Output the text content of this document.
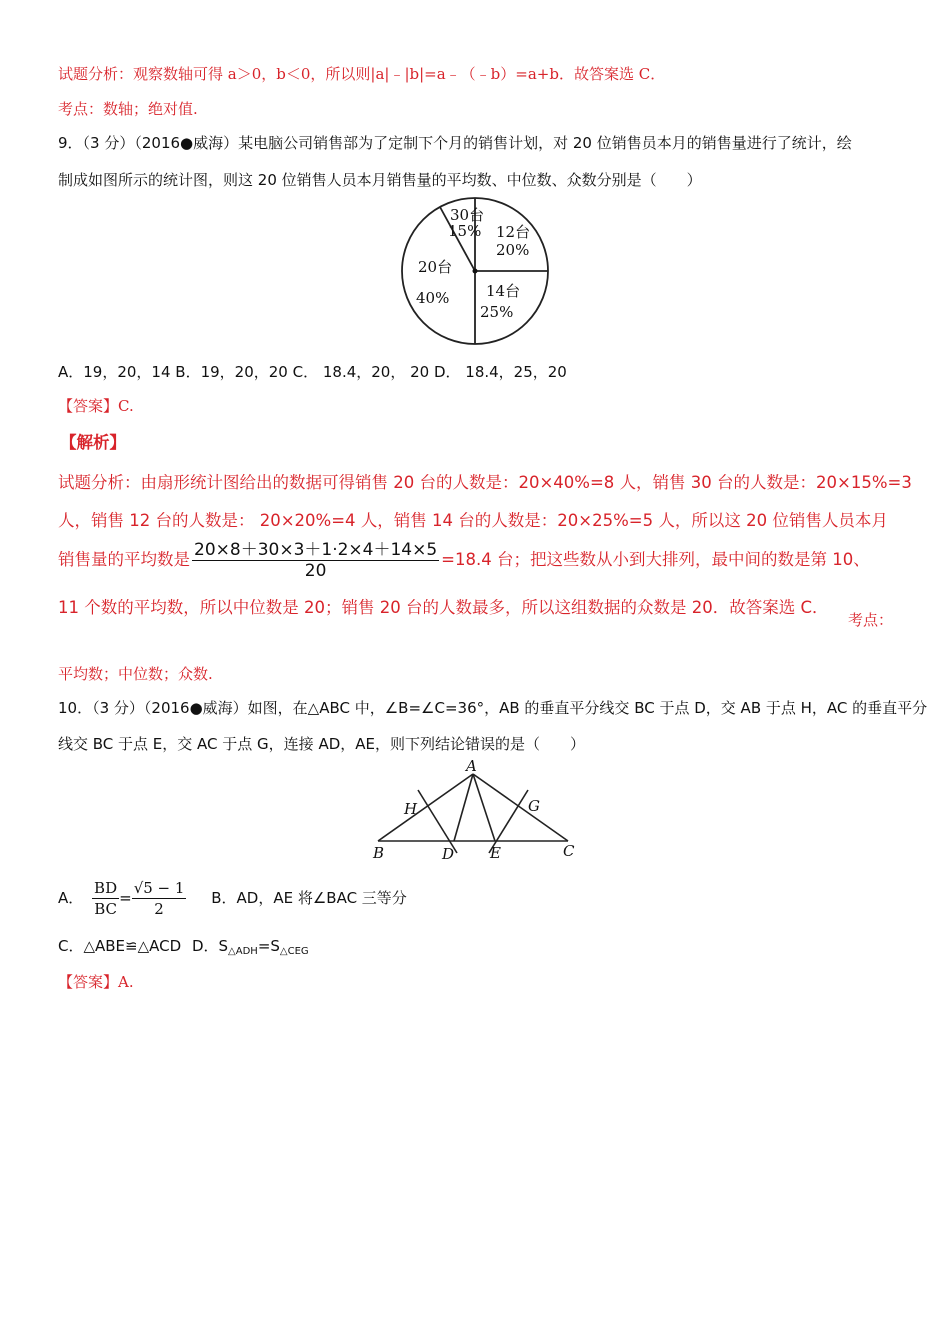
试题分析：观察数轴可得 a＞0，b＜0，所以则|a|﹣|b|=a﹣（﹣b）=a+b．故答案选 C．
考点：数轴；绝对值.
9．（3 分）（2016●威海）某电脑公司销售部为了定制下个月的销售计划，对 20 位销售员本月的销售量进行了统计，绘
制成如图所示的统计图，则这 20 位销售人员本月销售量的平均数、中位数、众数分别是（　　）
30台
15% 12台
20%
14台
25%
20台
40%
A．19，20，14 B．19，20，20 C． 18.4，20， 20 D． 18.4，25，20
【答案】C.
【解析】
试题分析：由扇形统计图给出的数据可得销售 20 台的人数是：20×40%=8 人，销售 30 台的人数是：20×15%=3
人，销售 12 台的人数是： 20×20%=4 人，销售 14 台的人数是：20×25%=5 人，所以这 20 位销售人员本月
销售量的平均数是 $\frac{20\times 8+30\times 3+1\cdot 2\times 4+14\times 5}{20} =18.4$ 台；把这些数从小到大排列，最中间的数是第 10、
11 个数的平均数，所以中位数是 20；销售 20 台的人数最多，所以这组数据的众数是 20．故答案选 C．
考点：
平均数；中位数；众数.
10．（3 分）（2016●威海）如图，在△ABC 中，∠B=∠C=36°，AB 的垂直平分线交 BC 于点 D，交 AB 于点 H，AC 的垂直平分
线交 BC 于点 E，交 AC 于点 G，连接 AD，AE，则下列结论错误的是（　　）
A
H	G
B	D E	C
A． $\frac{BD}{BC} = \frac{√5 - 1}{2}$ B．AD，AE 将∠BAC 三等分
C．△ABE≌△ACD D．$S_{\triangle ADH}=S_{\triangle CEG}$
【答案】A.
